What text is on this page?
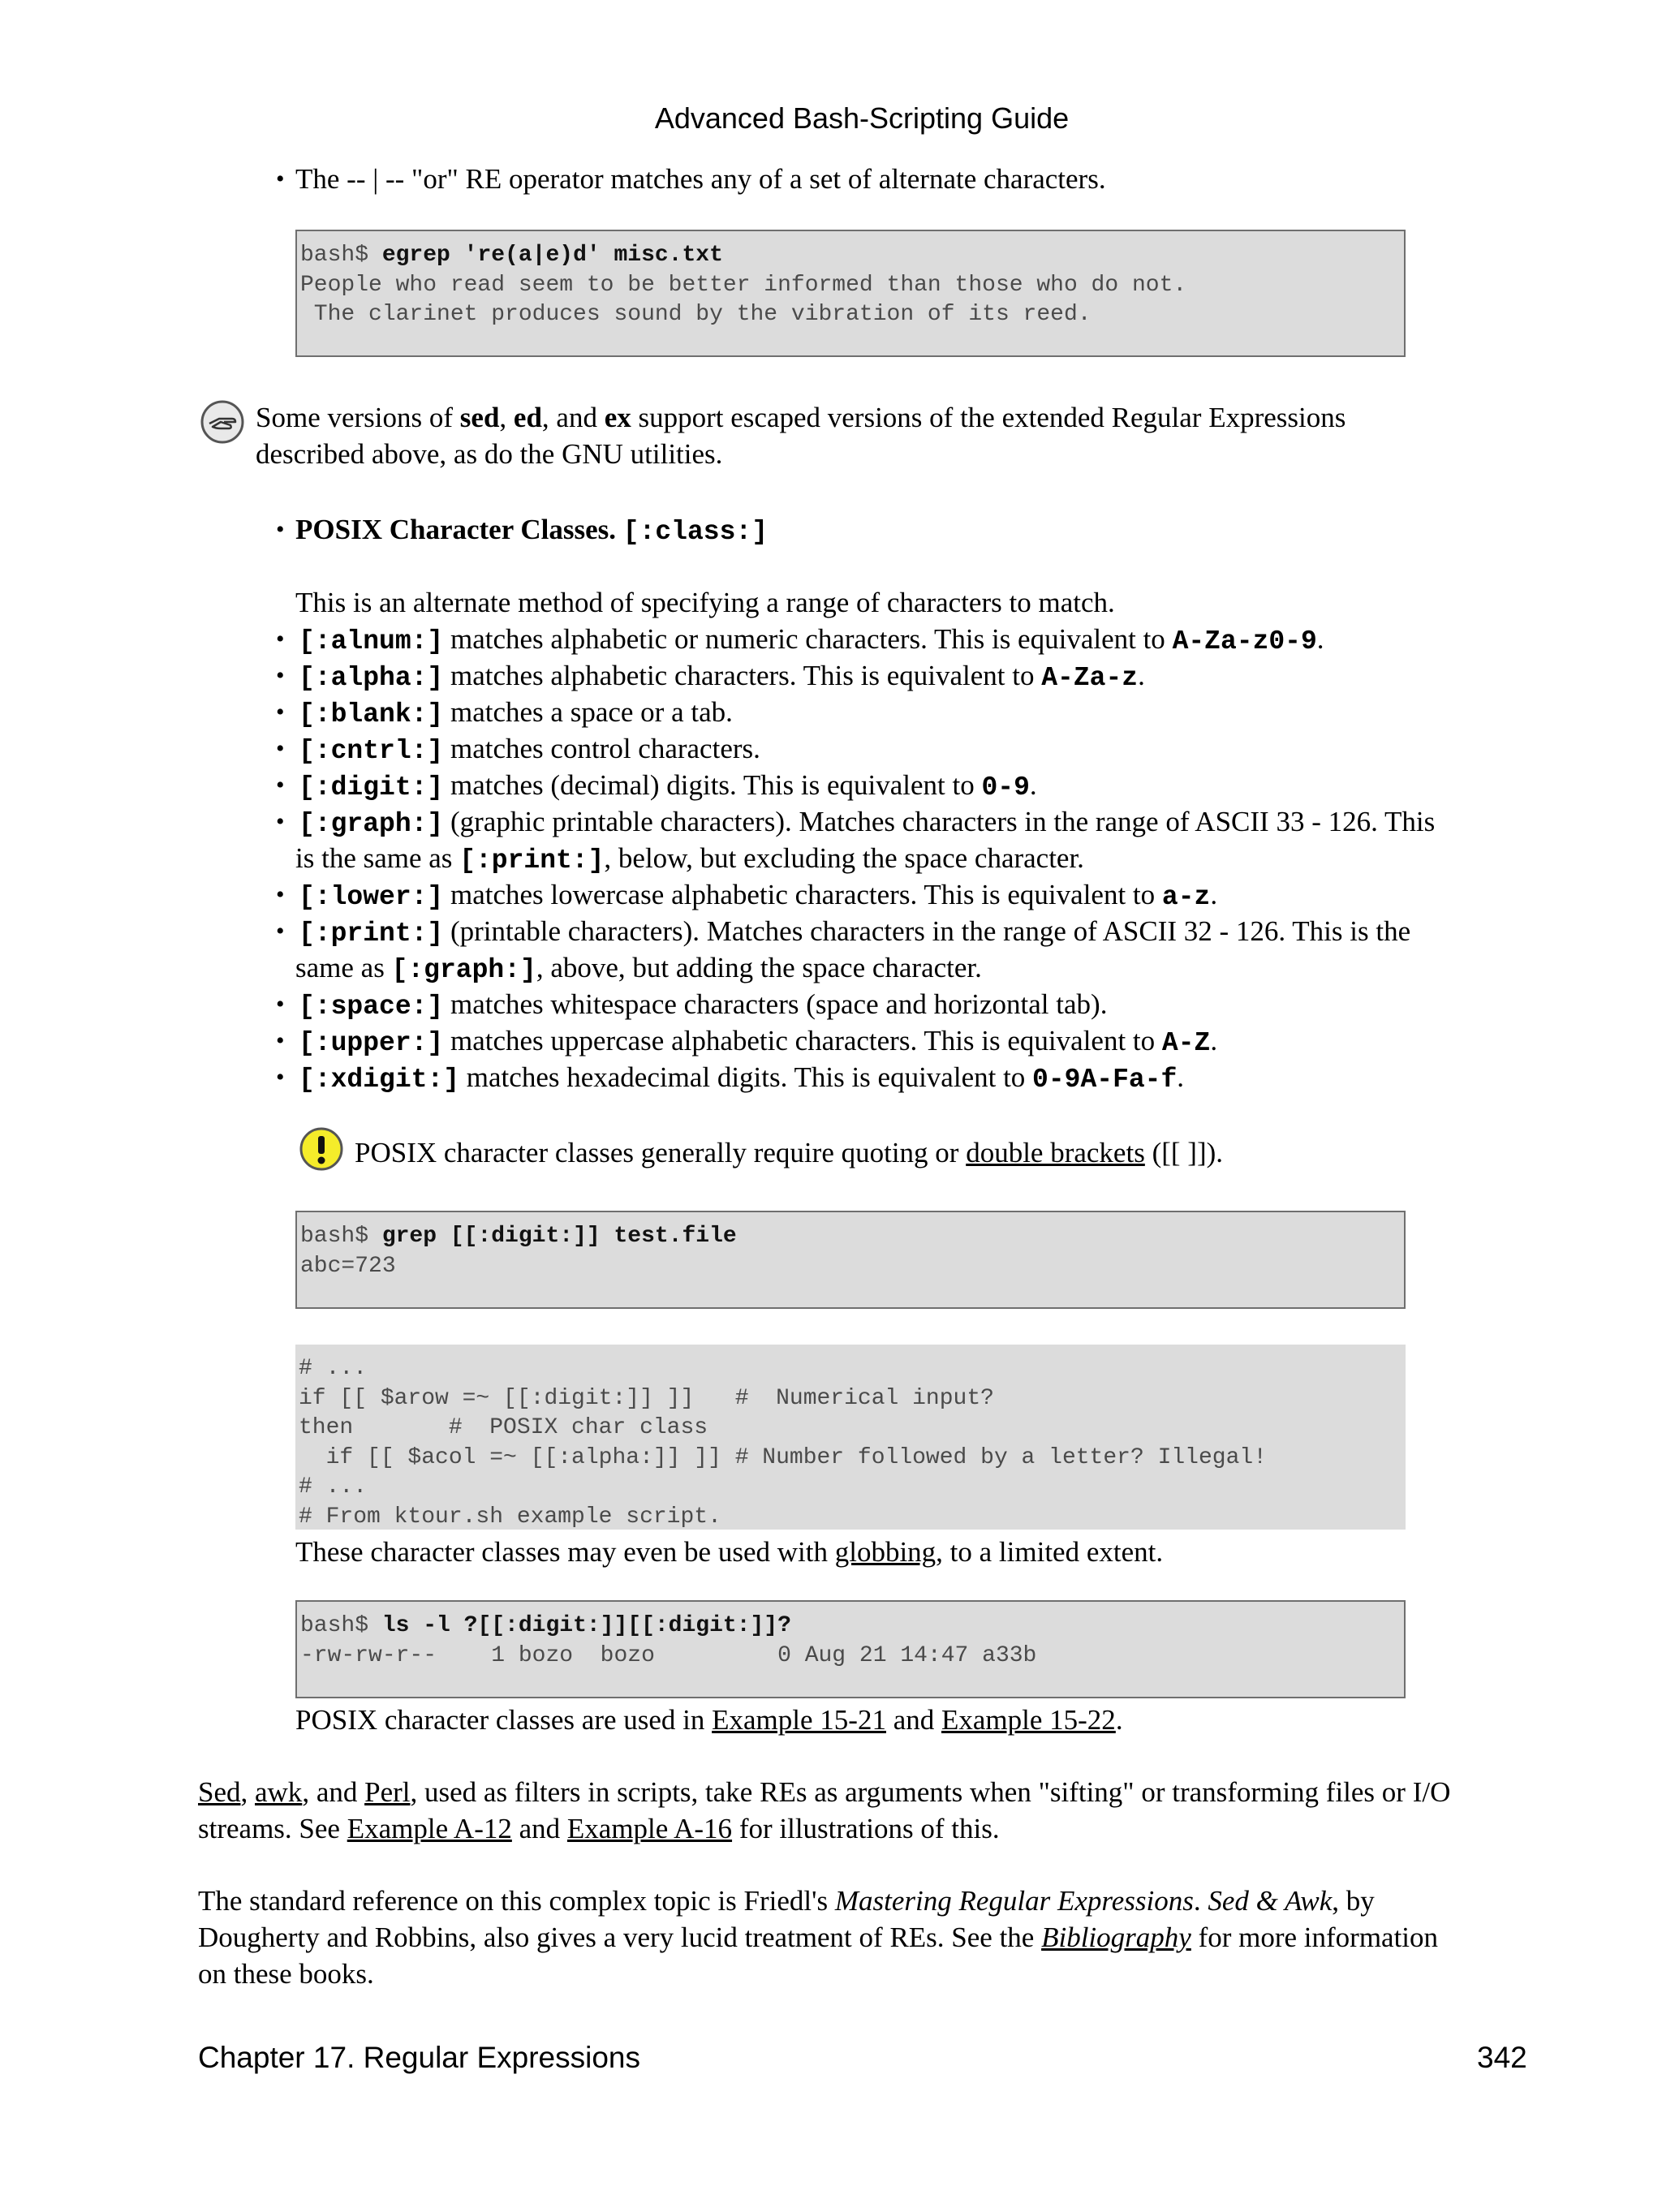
Advanced Bash-Scripting Guide
• The -- | -- "or" RE operator matches any of a set of alternate characters.
bash$ egrep 're(a|e)d' misc.txt
People who read seem to be better informed than those who do not.
The clarinet produces sound by the vibration of its reed.
Some versions of sed, ed, and ex support escaped versions of the extended Regular Expressions
described above, as do the GNU utilities.
• POSIX Character Classes. [:class:]
This is an alternate method of specifying a range of characters to match.
• [:alnum:] matches alphabetic or numeric characters. This is equivalent to A-Za-z0-9.
• [:alpha:] matches alphabetic characters. This is equivalent to A-Za-z.
• [:blank:] matches a space or a tab.
• [:cntrl:] matches control characters.
• [:digit:] matches (decimal) digits. This is equivalent to 0-9.
• [:graph:] (graphic printable characters). Matches characters in the range of ASCII 33 - 126. This
is the same as [:print:], below, but excluding the space character.
• [:lower:] matches lowercase alphabetic characters. This is equivalent to a-z.
• [:print:] (printable characters). Matches characters in the range of ASCII 32 - 126. This is the
same as [:graph:], above, but adding the space character.
• [:space:] matches whitespace characters (space and horizontal tab).
• [:upper:] matches uppercase alphabetic characters. This is equivalent to A-Z.
• [:xdigit:] matches hexadecimal digits. This is equivalent to 0-9A-Fa-f.
POSIX character classes generally require quoting or double brackets ([[ ]]).
bash$ grep [[:digit:]] test.file
abc=723
# ...
if [[ $arow =~ [[:digit:]] ]]   #  Numerical input?
then       #  POSIX char class
if [[ $acol =~ [[:alpha:]] ]] # Number followed by a letter? Illegal!
# ...
# From ktour.sh example script.
These character classes may even be used with globbing, to a limited extent.
bash$ ls -l ?[[:digit:]][[:digit:]]?
-rw-rw-r--    1 bozo  bozo         0 Aug 21 14:47 a33b
POSIX character classes are used in Example 15-21 and Example 15-22.
Sed, awk, and Perl, used as filters in scripts, take REs as arguments when "sifting" or transforming files or I/O
streams. See Example A-12 and Example A-16 for illustrations of this.
The standard reference on this complex topic is Friedl's Mastering Regular Expressions. Sed & Awk, by
Dougherty and Robbins, also gives a very lucid treatment of REs. See the Bibliography for more information
on these books.
Chapter 17. Regular Expressions	342
